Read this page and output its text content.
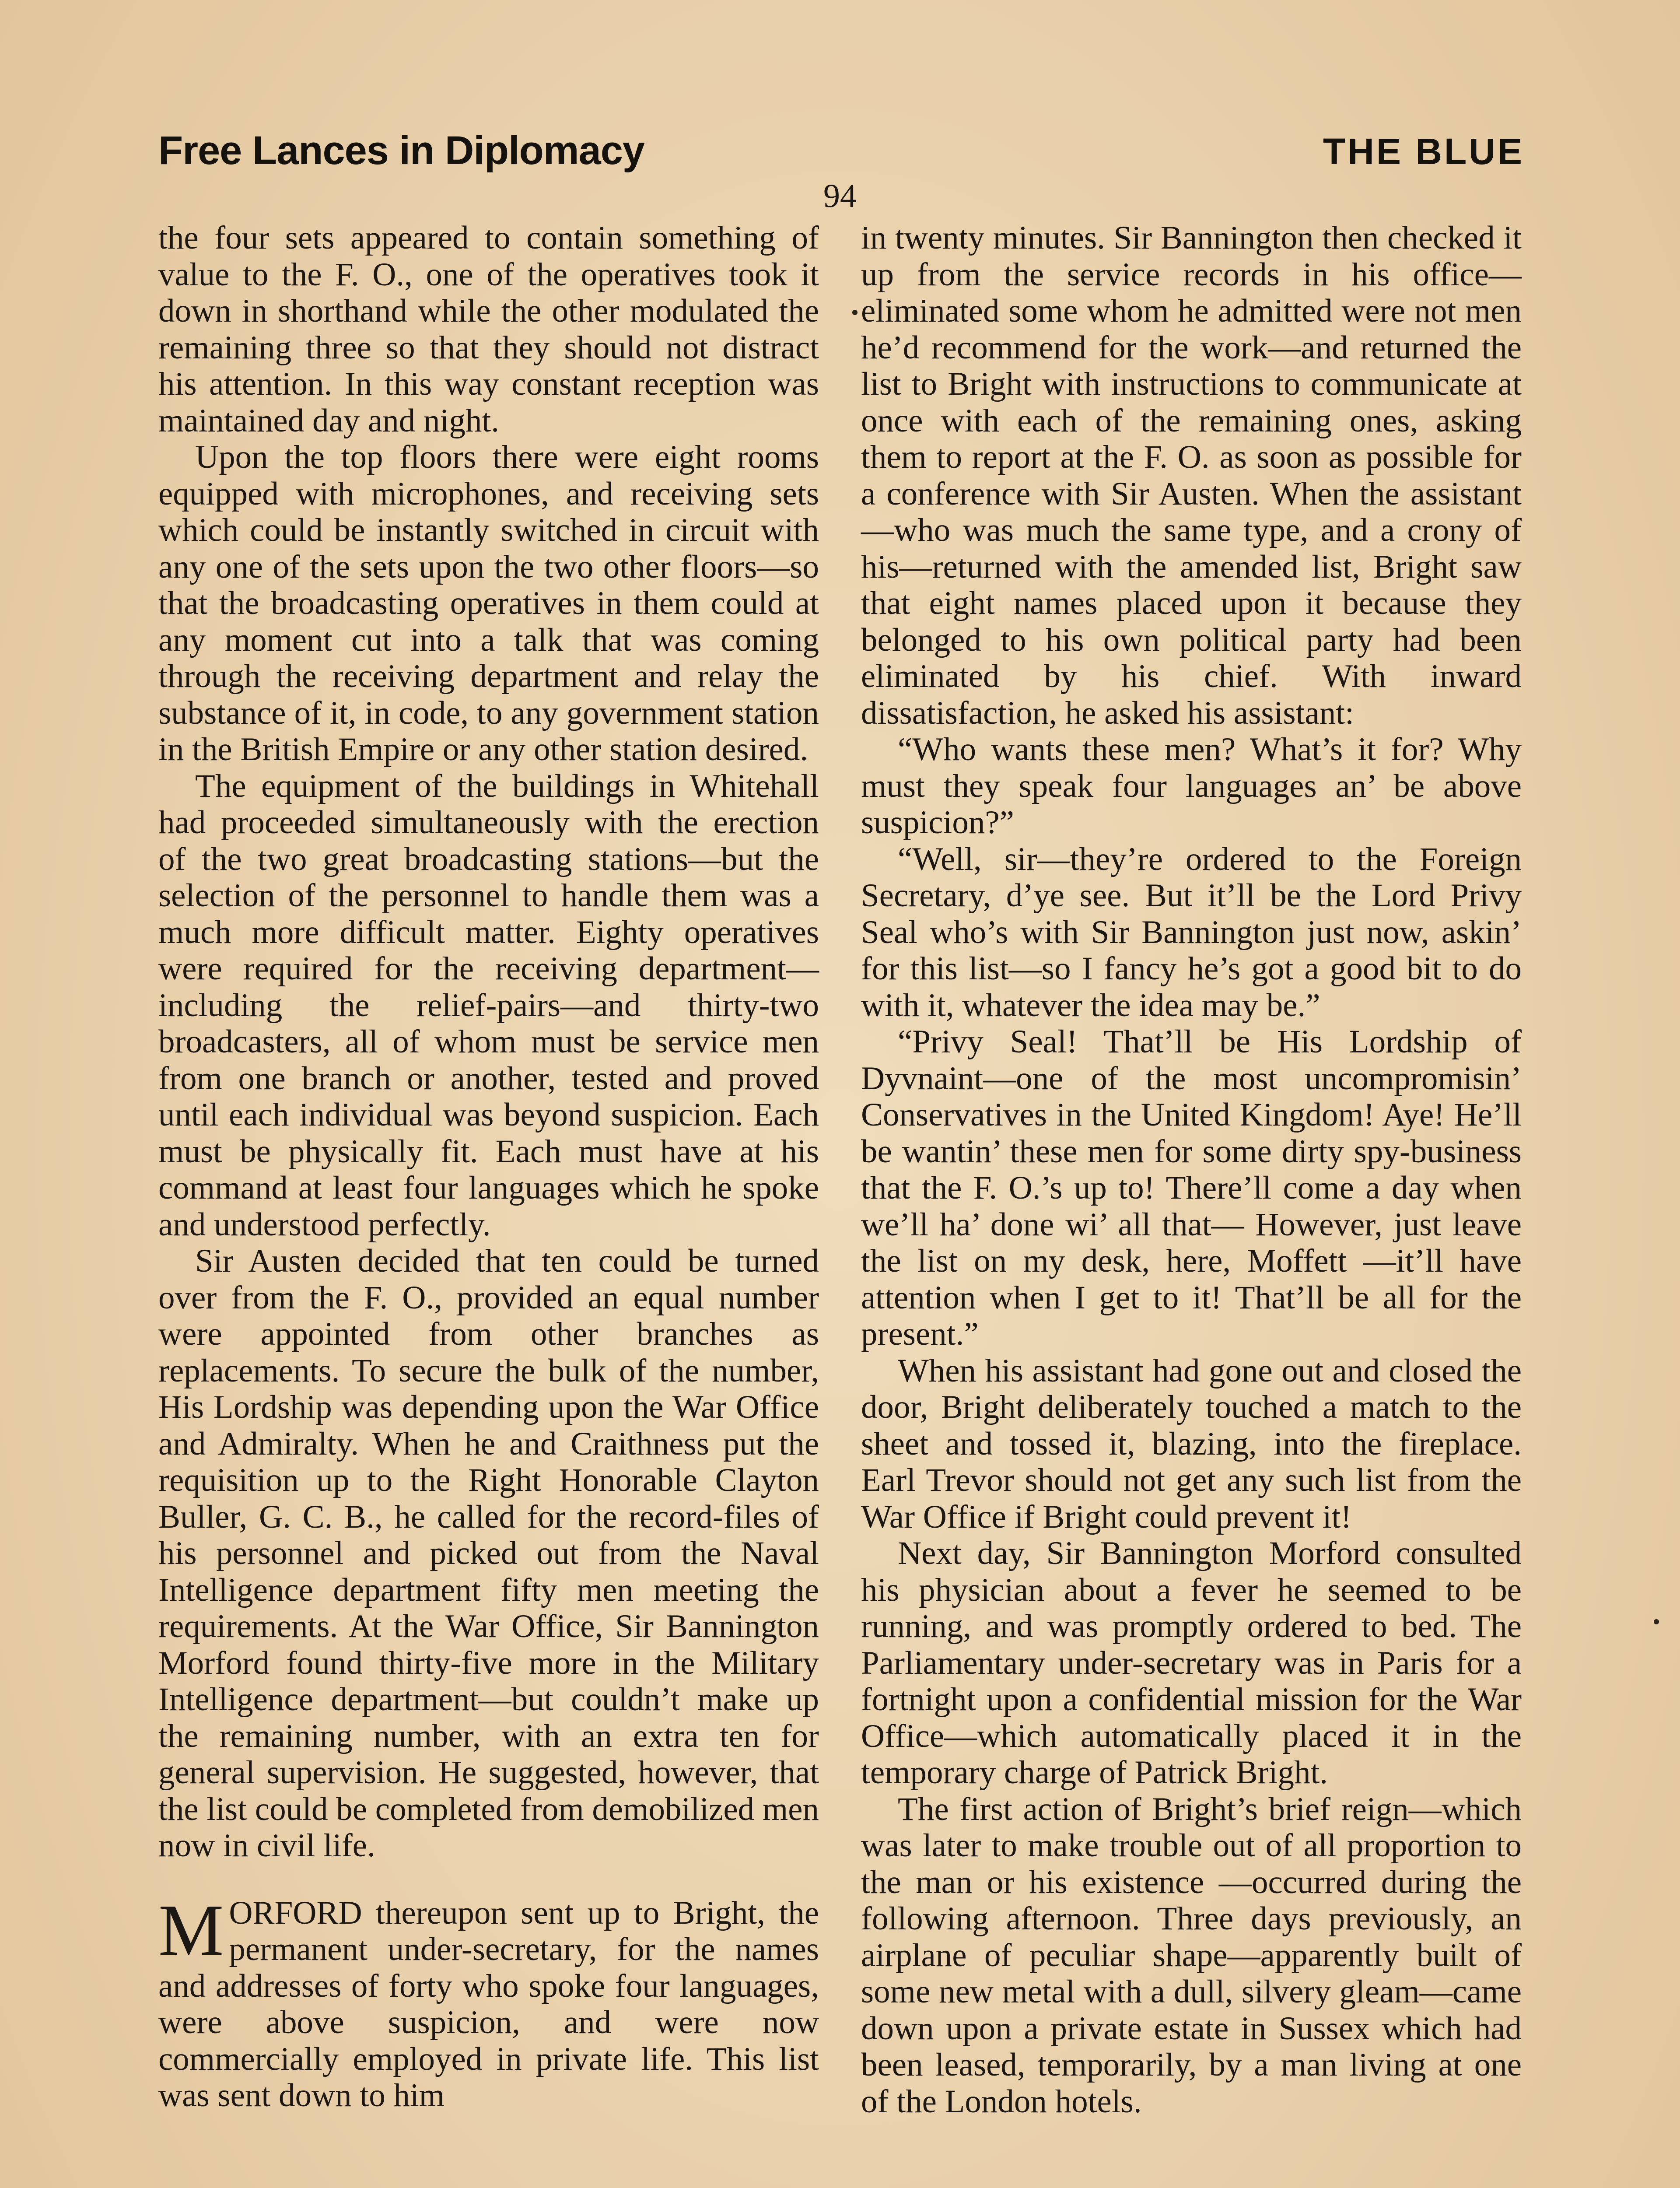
Free Lances in Diplomacy	THE BLUE
94

the four sets appeared to contain something of value to the F. O., one of the operatives took it down in shorthand while the other modulated the remaining three so that they should not distract his attention. In this way constant reception was maintained day and night.

Upon the top floors there were eight rooms equipped with microphones, and receiving sets which could be instantly switched in circuit with any one of the sets upon the two other floors—so that the broadcasting operatives in them could at any moment cut into a talk that was coming through the receiving department and relay the substance of it, in code, to any government station in the British Empire or any other station desired.

The equipment of the buildings in Whitehall had proceeded simultaneously with the erection of the two great broadcasting stations—but the selection of the personnel to handle them was a much more difficult matter. Eighty operatives were required for the receiving department—including the relief-pairs—and thirty-two broadcasters, all of whom must be service men from one branch or another, tested and proved until each individual was beyond suspicion. Each must be physically fit. Each must have at his command at least four languages which he spoke and understood perfectly.

Sir Austen decided that ten could be turned over from the F. O., provided an equal number were appointed from other branches as replacements. To secure the bulk of the number, His Lordship was depending upon the War Office and Admiralty. When he and Craithness put the requisition up to the Right Honorable Clayton Buller, G. C. B., he called for the record-files of his personnel and picked out from the Naval Intelligence department fifty men meeting the requirements. At the War Office, Sir Bannington Morford found thirty-five more in the Military Intelligence department—but couldn’t make up the remaining number, with an extra ten for general supervision. He suggested, however, that the list could be completed from demobilized men now in civil life.

MORFORD thereupon sent up to Bright, the permanent under-secretary, for the names and addresses of forty who spoke four languages, were above suspicion, and were now commercially employed in private life. This list was sent down to him

in twenty minutes. Sir Bannington then checked it up from the service records in his office—eliminated some whom he admitted were not men he’d recommend for the work—and returned the list to Bright with instructions to communicate at once with each of the remaining ones, asking them to report at the F. O. as soon as possible for a conference with Sir Austen. When the assistant—who was much the same type, and a crony of his—returned with the amended list, Bright saw that eight names placed upon it because they belonged to his own political party had been eliminated by his chief. With inward dissatisfaction, he asked his assistant:

“Who wants these men? What’s it for? Why must they speak four languages an’ be above suspicion?”

“Well, sir—they’re ordered to the Foreign Secretary, d’ye see. But it’ll be the Lord Privy Seal who’s with Sir Bannington just now, askin’ for this list—so I fancy he’s got a good bit to do with it, whatever the idea may be.”

“Privy Seal! That’ll be His Lordship of Dyvnaint—one of the most uncompromisin’ Conservatives in the United Kingdom! Aye! He’ll be wantin’ these men for some dirty spy-business that the F. O.’s up to! There’ll come a day when we’ll ha’ done wi’ all that— However, just leave the list on my desk, here, Moffett —it’ll have attention when I get to it! That’ll be all for the present.”

When his assistant had gone out and closed the door, Bright deliberately touched a match to the sheet and tossed it, blazing, into the fireplace. Earl Trevor should not get any such list from the War Office if Bright could prevent it!

Next day, Sir Bannington Morford consulted his physician about a fever he seemed to be running, and was promptly ordered to bed. The Parliamentary under-secretary was in Paris for a fortnight upon a confidential mission for the War Office—which automatically placed it in the temporary charge of Patrick Bright.

The first action of Bright’s brief reign—which was later to make trouble out of all proportion to the man or his existence —occurred during the following afternoon. Three days previously, an airplane of peculiar shape—apparently built of some new metal with a dull, silvery gleam—came down upon a private estate in Sussex which had been leased, temporarily, by a man living at one of the London hotels.
